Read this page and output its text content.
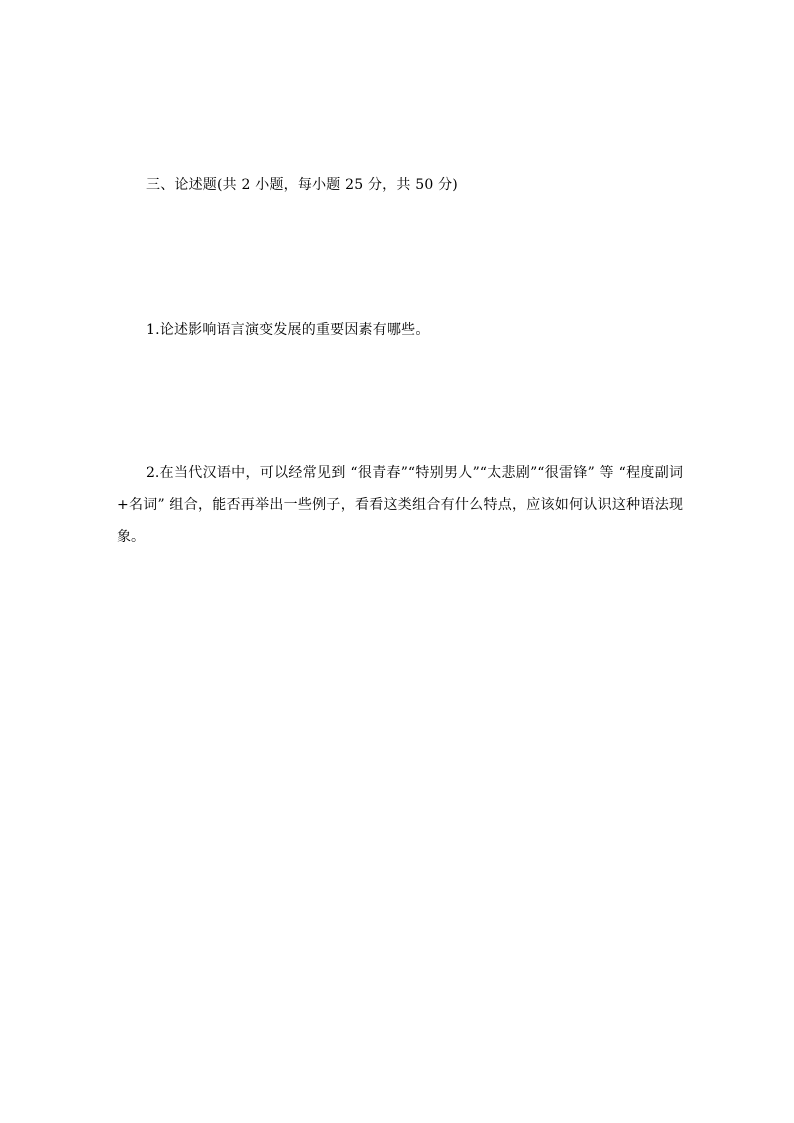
三、论述题(共 2 小题，每小题 25 分，共 50 分)
1.论述影响语言演变发展的重要因素有哪些。
2.在当代汉语中，可以经常见到 “很青春”“特别男人”“太悲剧”“很雷锋” 等 “程度副词+名词” 组合，能否再举出一些例子，看看这类组合有什么特点，应该如何认识这种语法现象。
